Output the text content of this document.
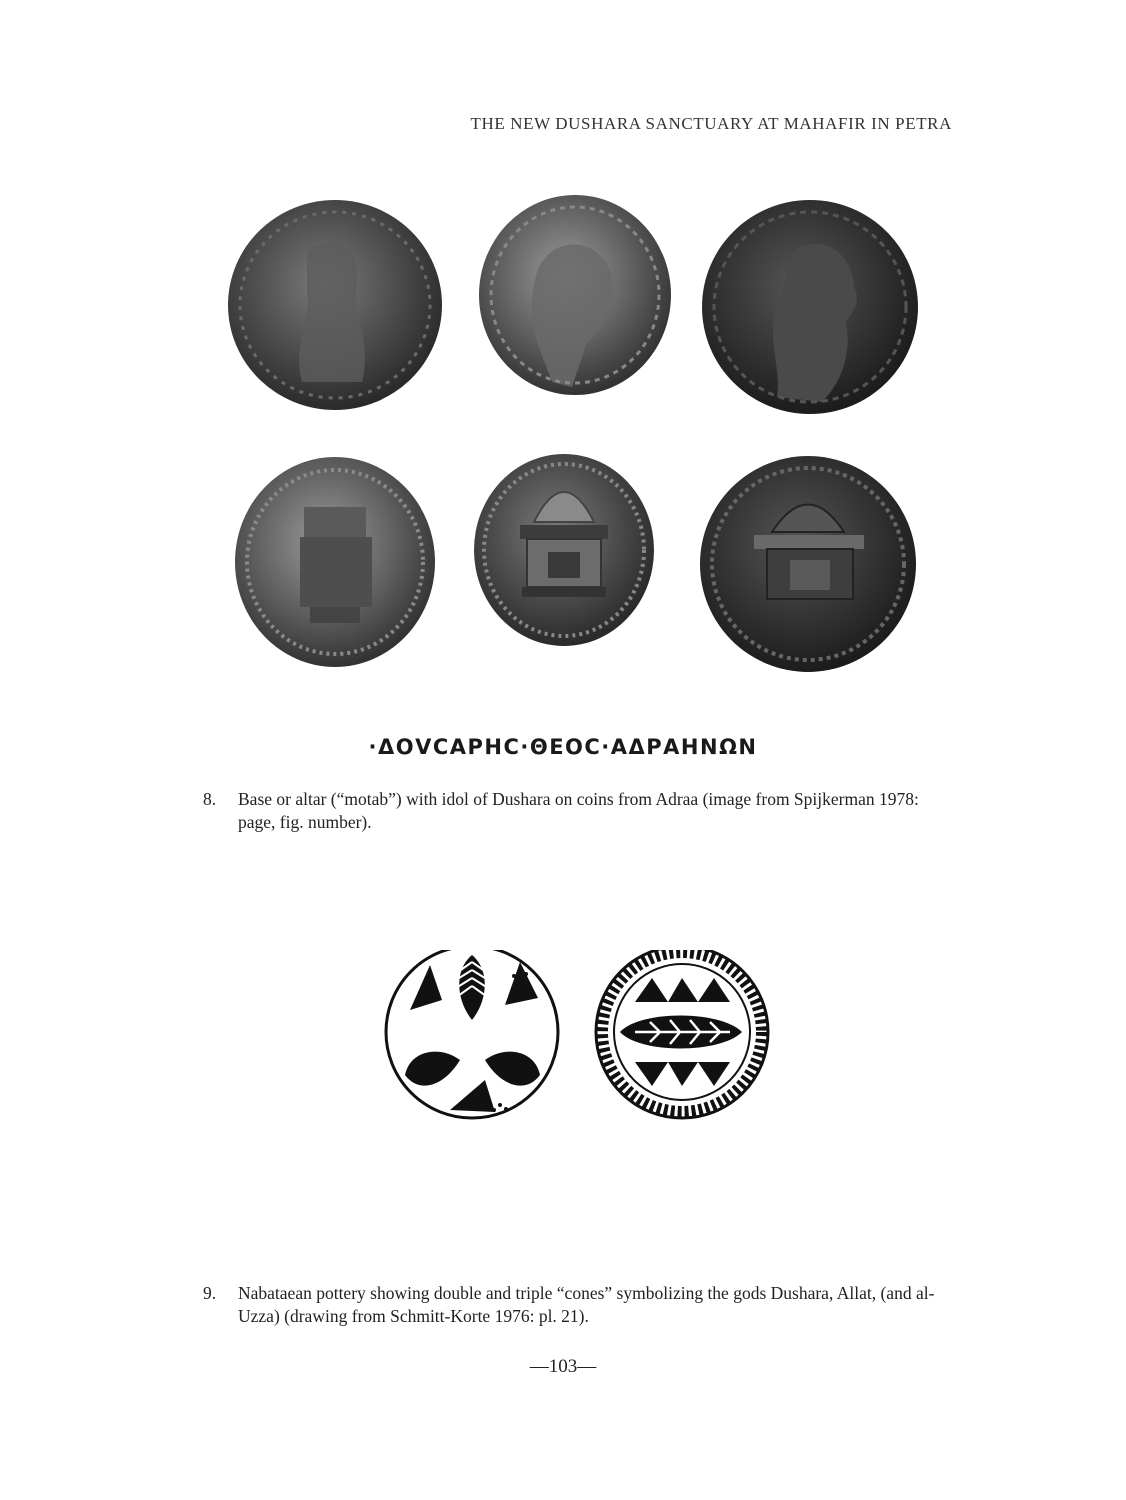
THE NEW DUSHARA SANCTUARY AT MAHAFIR IN PETRA
·ΔΟVCΑΡΗC·ΘΕΟC·ΑΔΡΑΗΝΩΝ
8. Base or altar (“motab”) with idol of Dushara on coins from Adraa (image from Spijkerman 1978: page, fig. number).
9. Nabataean pottery showing double and triple “cones” symbolizing the gods Dushara, Allat, (and al-Uzza) (drawing from Schmitt-Korte 1976: pl. 21).
—103—
